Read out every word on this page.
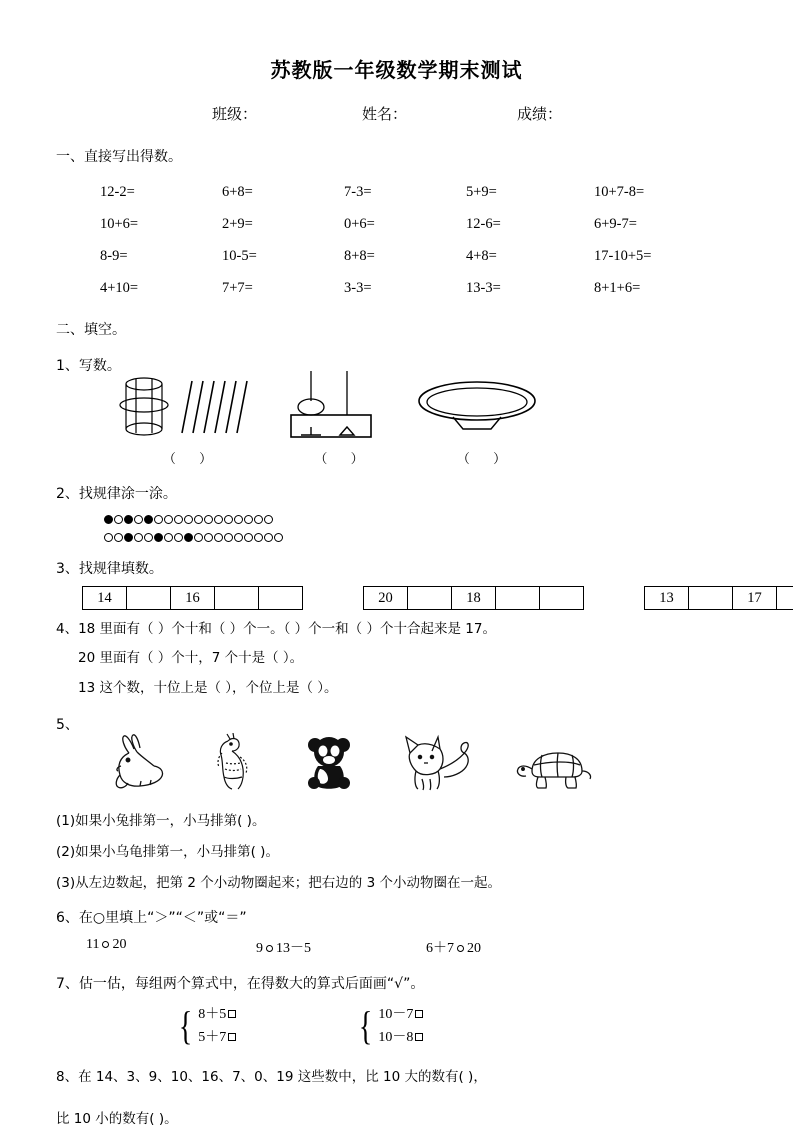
苏教版一年级数学期末测试
班级：	姓名：	成绩：
一、直接写出得数。
12-2=	6+8=	7-3=	5+9=	10+7-8=
10+6=	2+9=	0+6=	12-6=	6+9-7=
8-9=	10-5=	8+8=	4+8=	17-10+5=
4+10=	7+7=	3-3=	13-3=	8+1+6=
二、填空。
1、写数。
（ ）	（ ）	（ ）
2、找规律涂一涂。
3、找规律填数。
14	16	20	18	13	17
4、18 里面有（ ）个十和（ ）个一。（ ）个一和（ ）个十合起来是 17。
20 里面有（ ）个十，7 个十是（ ）。
13 这个数，十位上是（ ），个位上是（ ）。
5、
(1)如果小兔排第一，小马排第( )。
(2)如果小乌龟排第一，小马排第( )。
(3)从左边数起，把第 2 个小动物圈起来；把右边的 3 个小动物圈在一起。
6、在○里填上“＞”“＜”或“＝”
11 20	9 13－5	6＋7 20
7、估一估，每组两个算式中，在得数大的算式后面画“√”。
{ 8＋5
5＋7	{ 10－7
10－8
8、在 14、3、9、10、16、7、0、19 这些数中，比 10 大的数有( )，
比 10 小的数有( )。
